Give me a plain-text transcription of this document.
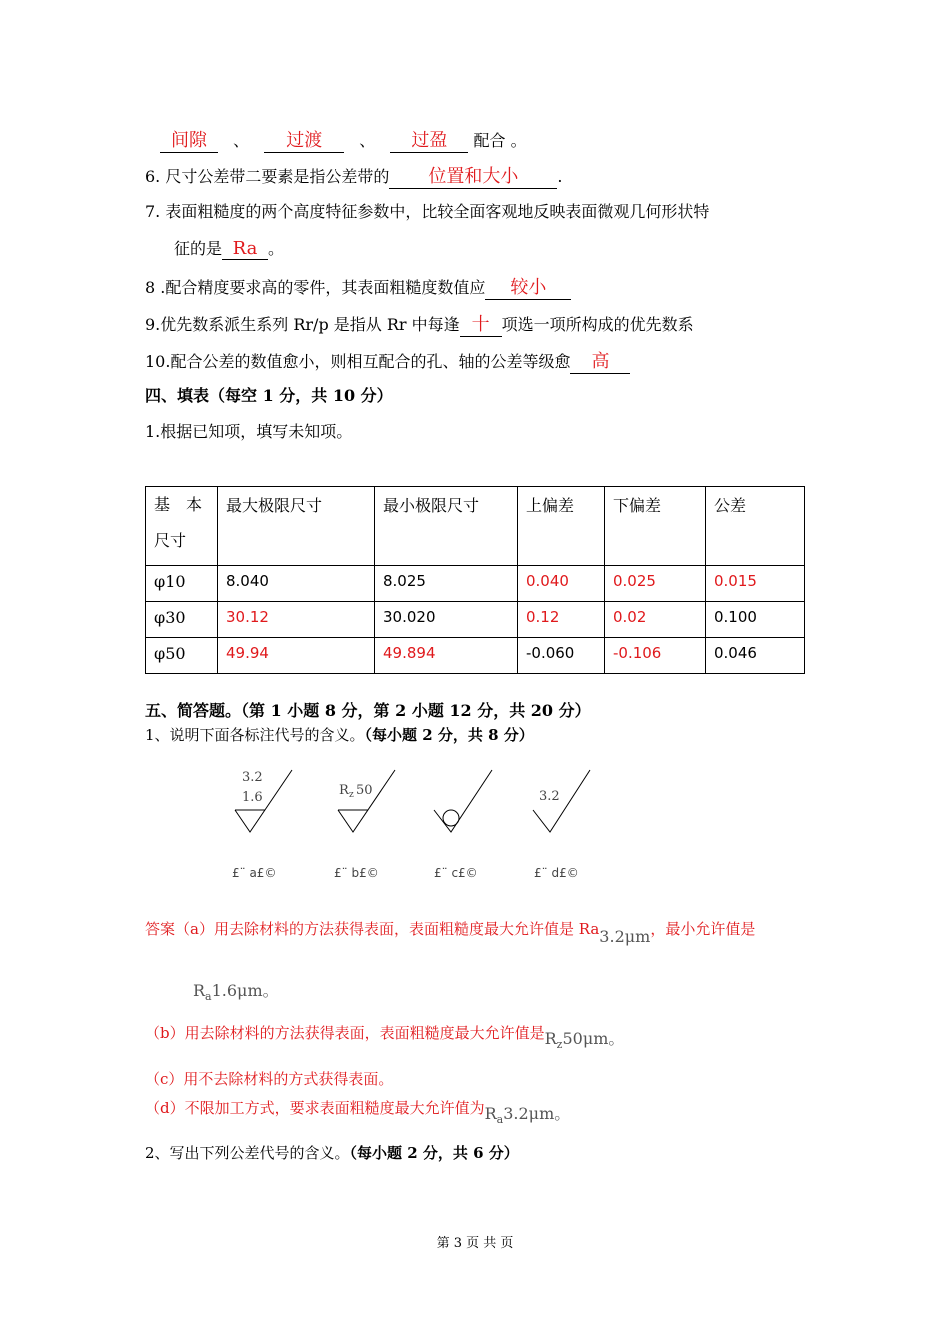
间隙 、 过渡 、 过盈 配合 。
6. 尺寸公差带二要素是指公差带的 位置和大小 .
7. 表面粗糙度的两个高度特征参数中，比较全面客观地反映表面微观几何形状特
征的是 Ra 。
8 .配合精度要求高的零件，其表面粗糙度数值应 较小
9.优先数系派生系列 Rr/p 是指从 Rr 中每逢 十 项选一项所构成的优先数系
10.配合公差的数值愈小，则相互配合的孔、轴的公差等级愈 高
四、填表（每空 1 分，共 10 分）
1.根据已知项，填写未知项。
基　本 尺寸	最大极限尺寸	最小极限尺寸	上偏差	下偏差	公差
φ10	8.040	8.025	0.040	0.025	0.015
φ30	30.12	30.020	0.12	0.02	0.100
φ50	49.94	49.894	-0.060	-0.106	0.046
五、简答题。（第 1 小题 8 分，第 2 小题 12 分，共 20 分）
1、说明下面各标注代号的含义。（每小题 2 分，共 8 分）
3.2
1.6	R z 50	3.2
£¨ a£©	£¨ b£©	£¨ c£©	£¨ d£©
答案（a）用去除材料的方法获得表面，表面粗糙度最大允许值是 Ra3.2μm，最小允许值是
$R_a1.6\mu m$。
（b）用去除材料的方法获得表面，表面粗糙度最大允许值是$R_z50\mu m$。
（c）用不去除材料的方式获得表面。
（d）不限加工方式，要求表面粗糙度最大允许值为$R_a3.2\mu m$。
2、写出下列公差代号的含义。（每小题 2 分，共 6 分）
第 3 页 共 页
